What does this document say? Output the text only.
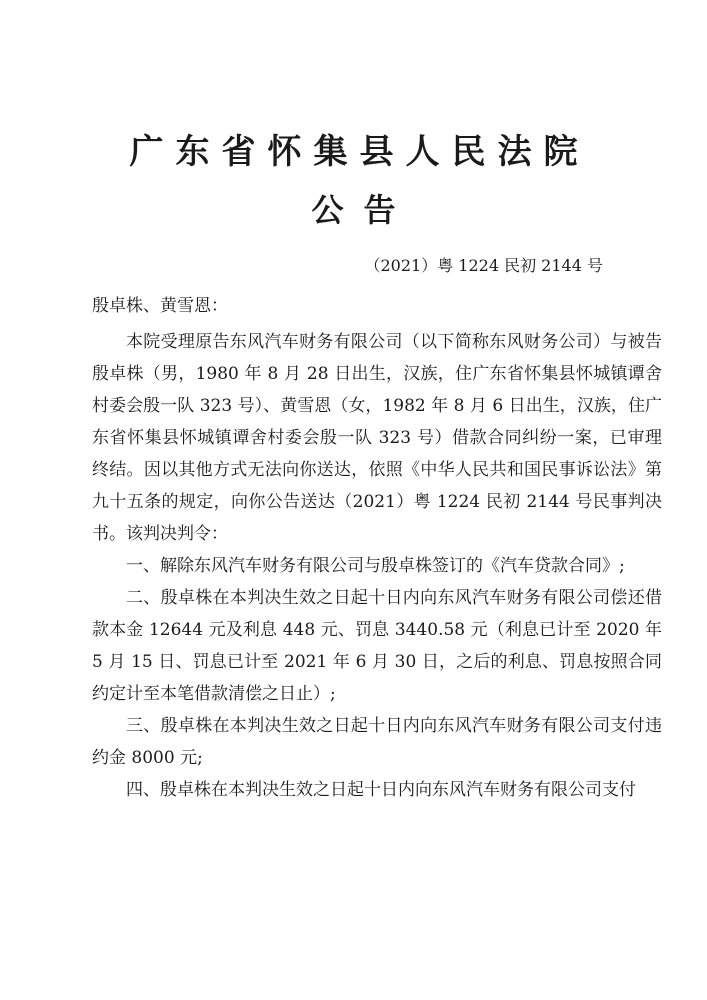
广东省怀集县人民法院
公告
（2021）粤 1224 民初 2144 号
殷卓株、黄雪恩：

本院受理原告东风汽车财务有限公司（以下简称东风财务公司）与被告殷卓株（男，1980 年 8 月 28 日出生，汉族，住广东省怀集县怀城镇谭舍村委会殷一队 323 号）、黄雪恩（女，1982 年 8 月 6 日出生，汉族，住广东省怀集县怀城镇谭舍村委会殷一队 323 号）借款合同纠纷一案，已审理终结。因以其他方式无法向你送达，依照《中华人民共和国民事诉讼法》第九十五条的规定，向你公告送达（2021）粤 1224 民初 2144 号民事判决书。该判决判令：

一、解除东风汽车财务有限公司与殷卓株签订的《汽车贷款合同》;

二、殷卓株在本判决生效之日起十日内向东风汽车财务有限公司偿还借款本金 12644 元及利息 448 元、罚息 3440.58 元（利息已计至 2020 年 5 月 15 日、罚息已计至 2021 年 6 月 30 日，之后的利息、罚息按照合同约定计至本笔借款清偿之日止）;

三、殷卓株在本判决生效之日起十日内向东风汽车财务有限公司支付违约金 8000 元;

四、殷卓株在本判决生效之日起十日内向东风汽车财务有限公司支付
